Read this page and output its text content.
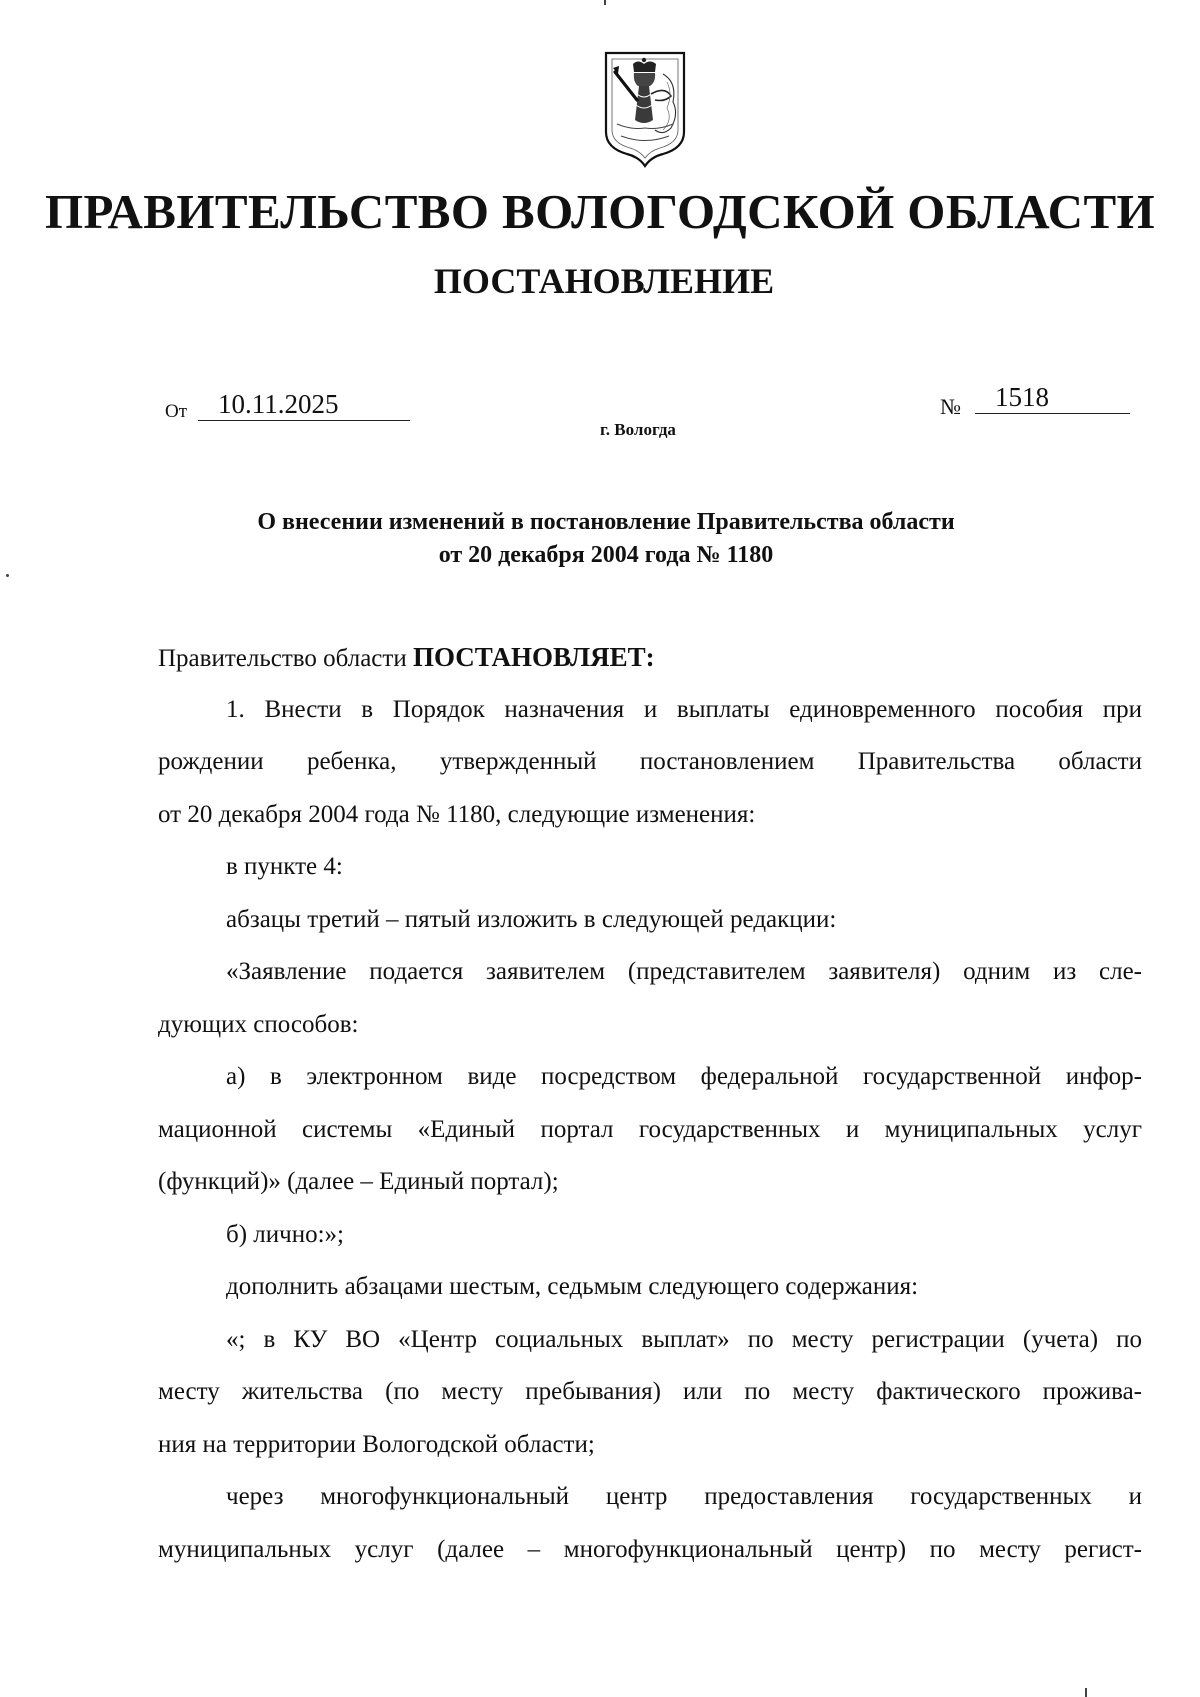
ПРАВИТЕЛЬСТВО ВОЛОГОДСКОЙ ОБЛАСТИ
ПОСТАНОВЛЕНИЕ
От	10.11.2025	№	1518
г. Вологда
О внесении изменений в постановление Правительства области
от 20 декабря 2004 года № 1180
Правительство области ПОСТАНОВЛЯЕТ:
1. Внести в Порядок назначения и выплаты единовременного пособия при
рождении ребенка, утвержденный постановлением Правительства области
от 20 декабря 2004 года № 1180, следующие изменения:
в пункте 4:
абзацы третий – пятый изложить в следующей редакции:
«Заявление подается заявителем (представителем заявителя) одним из сле-
дующих способов:
а) в электронном виде посредством федеральной государственной инфор-
мационной системы «Единый портал государственных и муниципальных услуг
(функций)» (далее – Единый портал);
б) лично:»;
дополнить абзацами шестым, седьмым следующего содержания:
«; в КУ ВО «Центр социальных выплат» по месту регистрации (учета) по
месту жительства (по месту пребывания) или по месту фактического прожива-
ния на территории Вологодской области;
через многофункциональный центр предоставления государственных и
муниципальных услуг (далее – многофункциональный центр) по месту регист-
